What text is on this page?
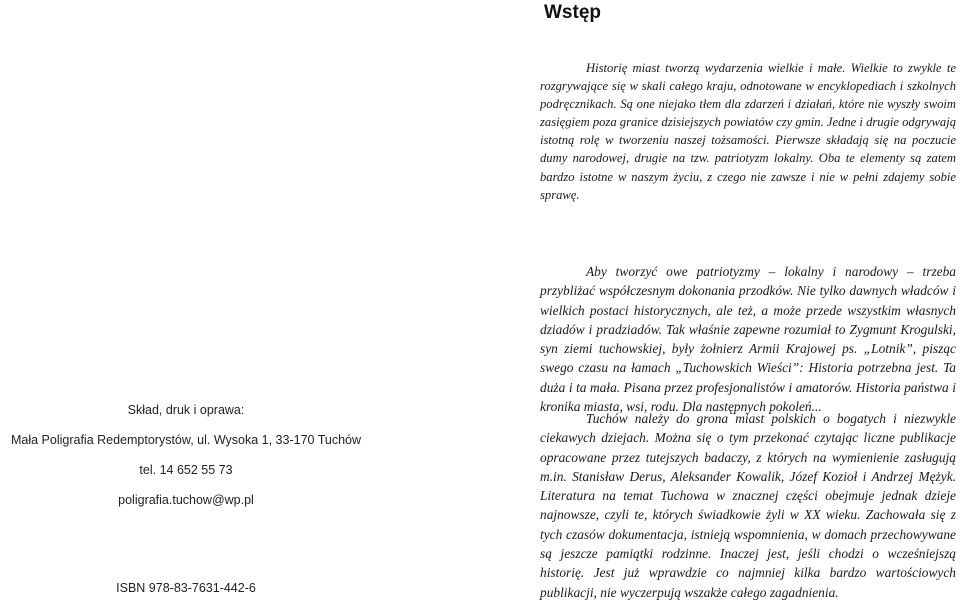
Skład, druk i oprawa:
Mała Poligrafia Redemptorystów, ul. Wysoka 1, 33-170 Tuchów
tel. 14 652 55 73
poligrafia.tuchow@wp.pl
ISBN 978-83-7631-442-6
Wstęp

Historię miast tworzą wydarzenia wielkie i małe. Wielkie to zwykle te rozgrywające się w skali całego kraju, odnotowane w encyklopediach i szkolnych podręcznikach. Są one niejako tłem dla zdarzeń i działań, które nie wyszły swoim zasięgiem poza granice dzisiejszych powiatów czy gmin. Jedne i drugie odgrywają istotną rolę w tworzeniu naszej tożsamości. Pierwsze składają się na poczucie dumy narodowej, drugie na tzw. patriotyzm lokalny. Oba te elementy są zatem bardzo istotne w naszym życiu, z czego nie zawsze i nie w pełni zdajemy sobie sprawę.

Aby tworzyć owe patriotyzmy – lokalny i narodowy – trzeba przybliżać współczesnym dokonania przodków. Nie tylko dawnych władców i wielkich postaci historycznych, ale też, a może przede wszystkim własnych dziadów i pradziadów. Tak właśnie zapewne rozumiał to Zygmunt Krogulski, syn ziemi tuchowskiej, były żołnierz Armii Krajowej ps. „Lotnik”, pisząc swego czasu na łamach „Tuchowskich Wieści”: Historia potrzebna jest. Ta duża i ta mała. Pisana przez profesjonalistów i amatorów. Historia państwa i kronika miasta, wsi, rodu. Dla następnych pokoleń...

Tuchów należy do grona miast polskich o bogatych i niezwykle ciekawych dziejach. Można się o tym przekonać czytając liczne publikacje opracowane przez tutejszych badaczy, z których na wymienienie zasługują m.in. Stanisław Derus, Aleksander Kowalik, Józef Kozioł i Andrzej Mężyk. Literatura na temat Tuchowa w znacznej części obejmuje jednak dzieje najnowsze, czyli te, których świadkowie żyli w XX wieku. Zachowała się z tych czasów dokumentacja, istnieją wspomnienia, w domach przechowywane są jeszcze pamiątki rodzinne. Inaczej jest, jeśli chodzi o wcześniejszą historię. Jest już wprawdzie co najmniej kilka bardzo wartościowych publikacji, nie wyczerpują wszakże całego zagadnienia.
